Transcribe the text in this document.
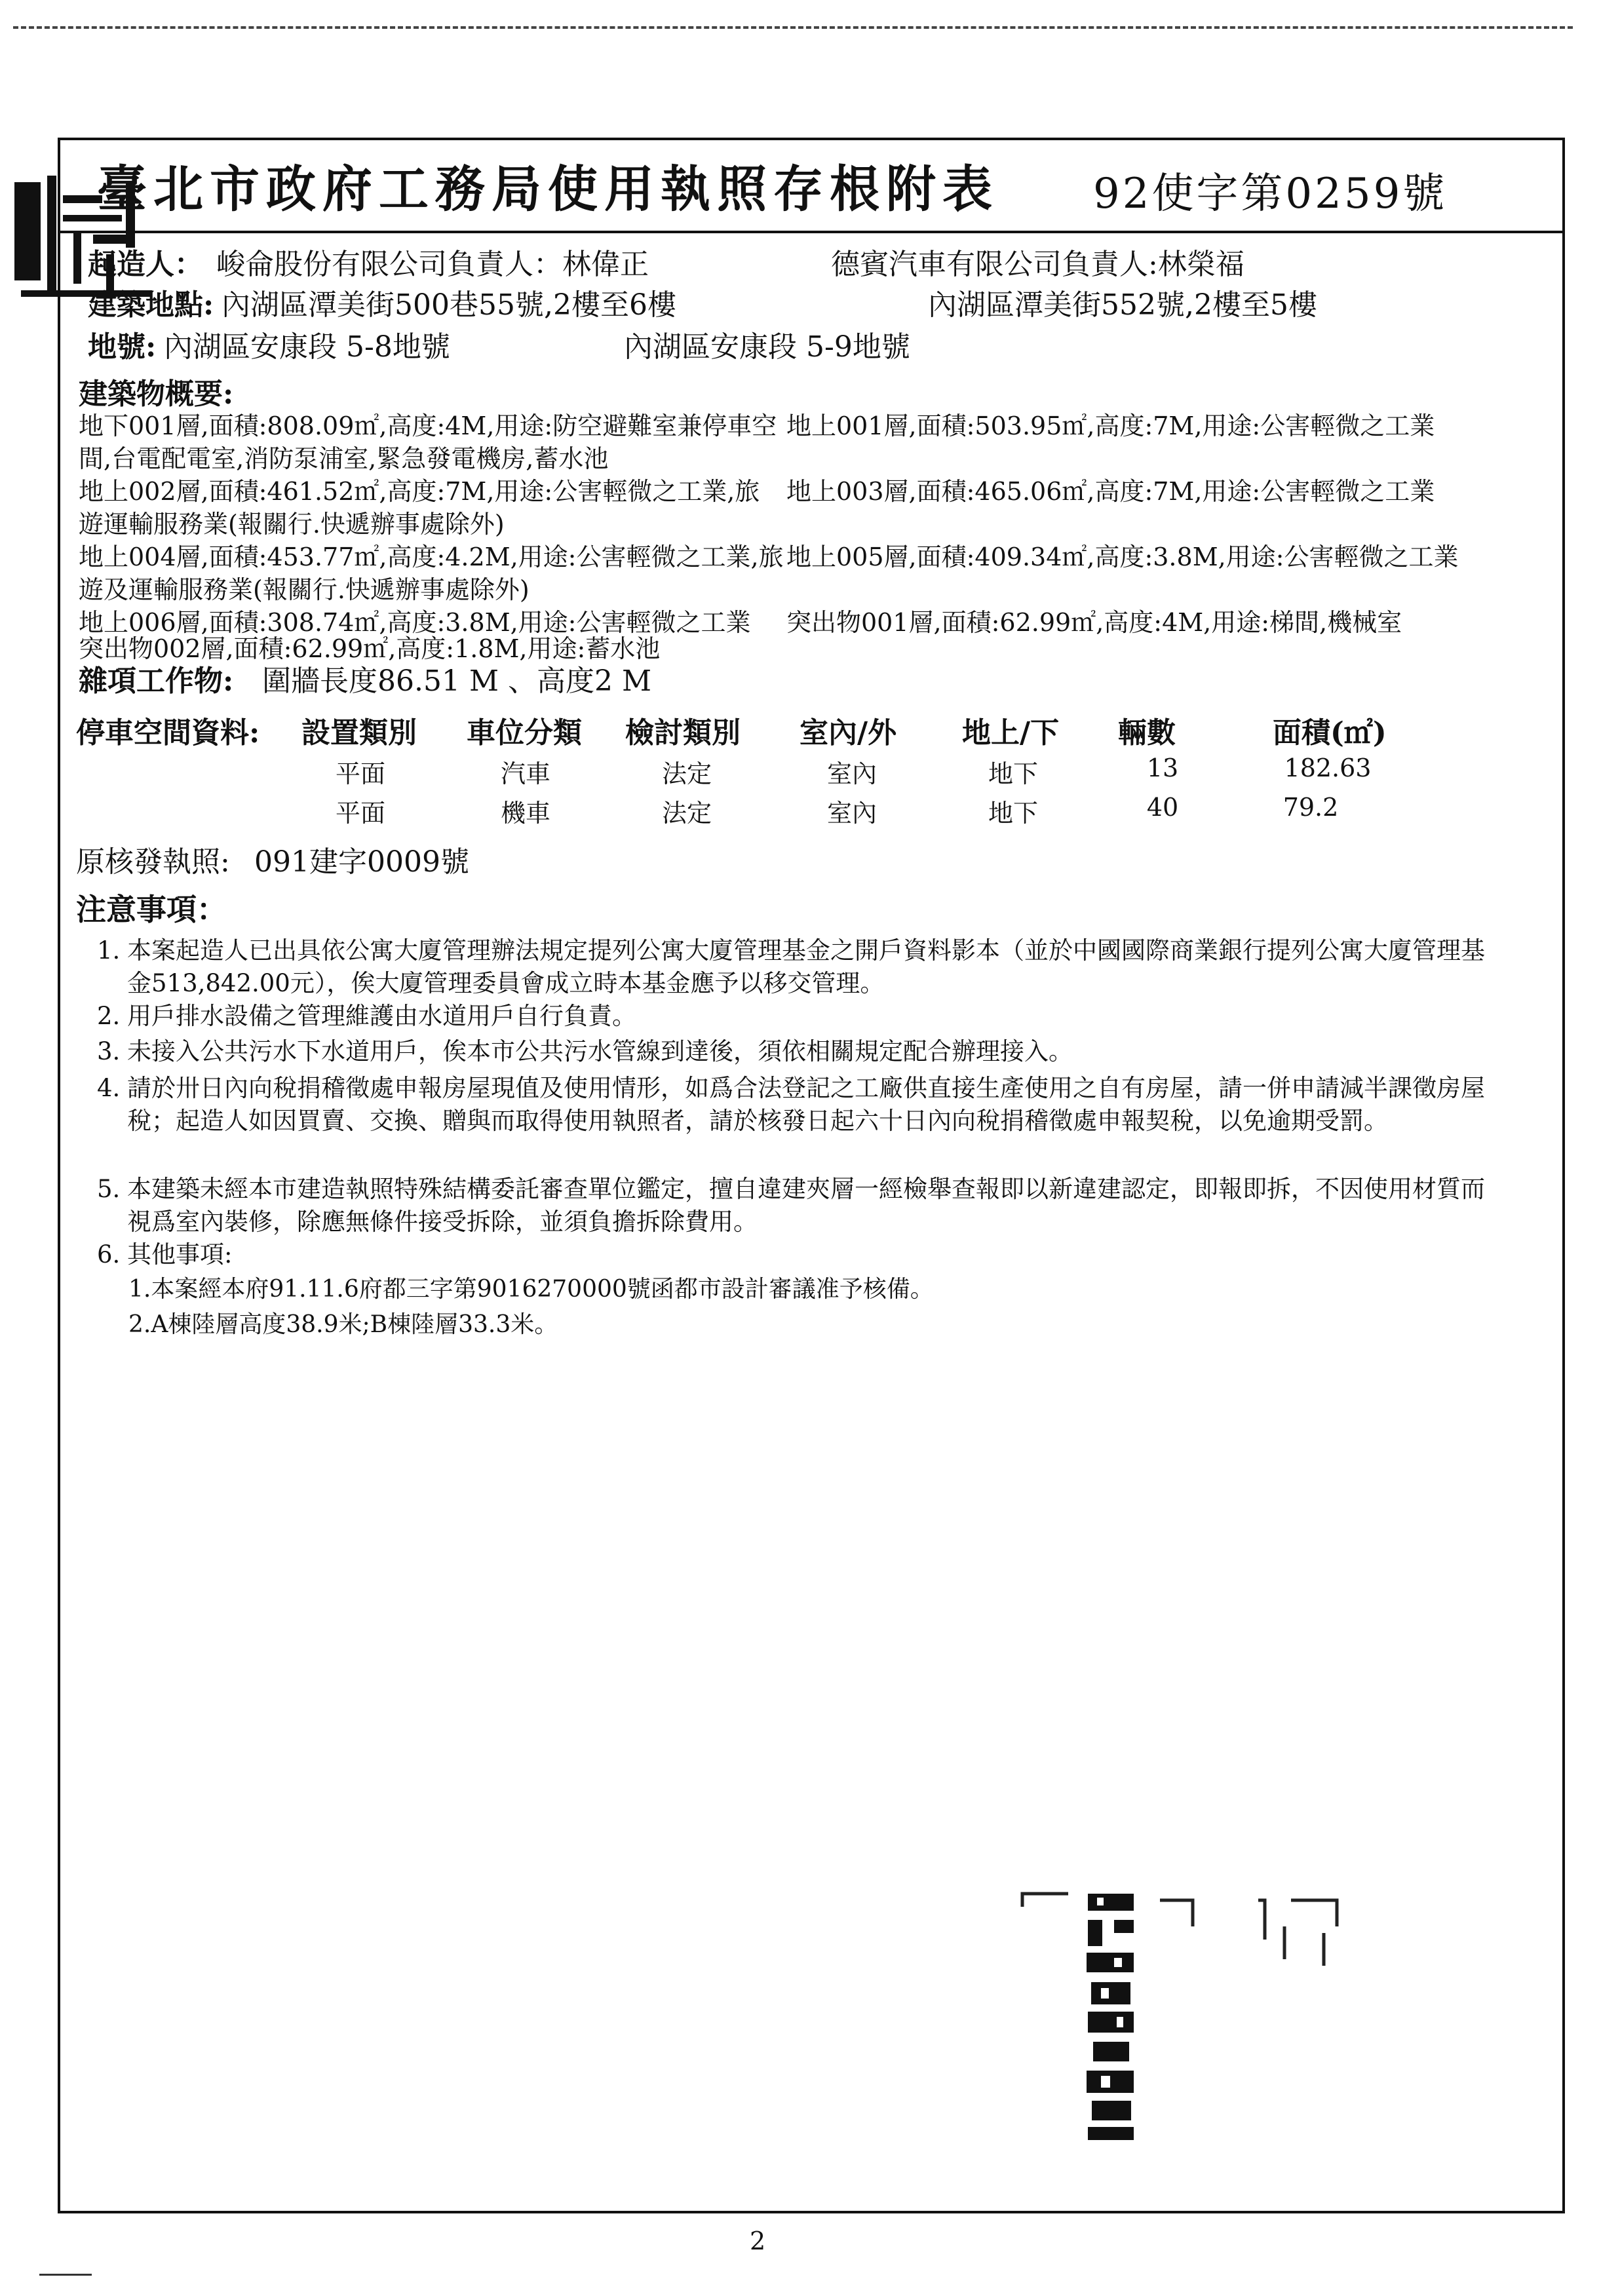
臺北市政府工務局使用執照存根附表 92使字第0259號
起造人： 峻侖股份有限公司負責人：林偉正	德賓汽車有限公司負責人:林榮福
建築地點: 內湖區潭美街500巷55號,2樓至6樓	內湖區潭美街552號,2樓至5樓
地號: 內湖區安康段 5-8地號	內湖區安康段 5-9地號
建築物概要:
地下001層,面積:808.09㎡,高度:4M,用途:防空避難室兼停車空 地上001層,面積:503.95㎡,高度:7M,用途:公害輕微之工業
間,台電配電室,消防泵浦室,緊急發電機房,蓄水池
地上002層,面積:461.52㎡,高度:7M,用途:公害輕微之工業,旅 地上003層,面積:465.06㎡,高度:7M,用途:公害輕微之工業
遊運輸服務業(報關行.快遞辦事處除外)
地上004層,面積:453.77㎡,高度:4.2M,用途:公害輕微之工業,旅 地上005層,面積:409.34㎡,高度:3.8M,用途:公害輕微之工業
遊及運輸服務業(報關行.快遞辦事處除外)
地上006層,面積:308.74㎡,高度:3.8M,用途:公害輕微之工業 突出物001層,面積:62.99㎡,高度:4M,用途:梯間,機械室
突出物002層,面積:62.99㎡,高度:1.8M,用途:蓄水池
雜項工作物: 圍牆長度86.51 M 、高度2 M
停車空間資料: 設置類別 車位分類 檢討類別 室內/外 地上/下 輛數	面積(㎡)
平面	汽車	法定	室內	地下	13	182.63
平面	機車	法定	室內	地下	40	79.2
原核發執照: 091建字0009號
注意事項：
1. 本案起造人已出具依公寓大廈管理辦法規定提列公寓大廈管理基金之開戶資料影本（並於中國國際商業銀行提列公寓大廈管理基金513,842.00元），俟大廈管理委員會成立時本基金應予以移交管理。
2. 用戶排水設備之管理維護由水道用戶自行負責。
3. 未接入公共污水下水道用戶，俟本市公共污水管線到達後，須依相關規定配合辦理接入。
4. 請於卅日內向稅捐稽徵處申報房屋現值及使用情形，如爲合法登記之工廠供直接生產使用之自有房屋，請一併申請減半課徵房屋稅；起造人如因買賣、交換、贈與而取得使用執照者，請於核發日起六十日內向稅捐稽徵處申報契稅，以免逾期受罰。
5. 本建築未經本市建造執照特殊結構委託審查單位鑑定，擅自違建夾層一經檢舉查報即以新違建認定，即報即拆，不因使用材質而視爲室內裝修，除應無條件接受拆除，並須負擔拆除費用。
6. 其他事項:
1.本案經本府91.11.6府都三字第9016270000號函都市設計審議准予核備。
2.A棟陸層高度38.9米;B棟陸層33.3米。
2
